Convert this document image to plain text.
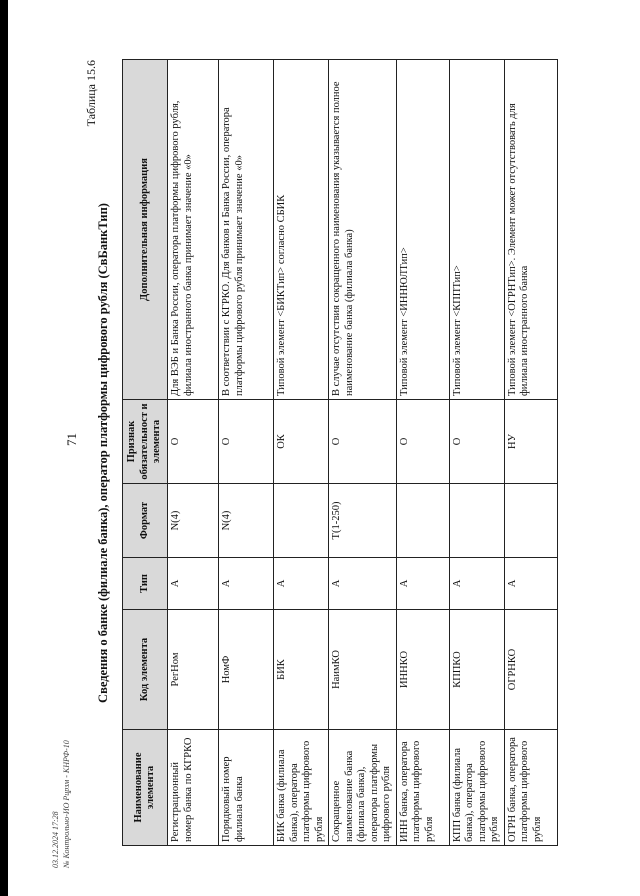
71
03.12.2024 17:28 № Контрольно-ИО Рцрзм - КНРФ-10
Таблица 15.6
Сведения о банке (филиале банка), оператор платформы цифрового рубля (СвБанкТип)
Наименование элемента	Код элемента	Тип	Формат	Признак обязательност и элемента	Дополнительная информация
Регистрационный номер банка по КГРКО	РегНом	А	N(4)	О	Для ВЭБ и Банка России, оператора платформы цифрового рубля, филиала иностранного банка принимает значение «0»
Порядковый номер филиала банка	НомФ	А	N(4)	О	В соответствии с КГРКО. Для банков и Банка России, оператора платформы цифрового рубля принимает значение «0»
БИК банка (филиала банка), оператора платформы цифрового рубля	БИК	А		ОК	Типовой элемент <БИКТип> согласно СБИК
Сокращенное наименование банка (филиала банка), оператора платформы цифрового рубля	НаимКО	А	T(1-250)	О	В случае отсутствия сокращенного наименования указывается полное наименование банка (филиала банка)
ИНН банка, оператора платформы цифрового рубля	ИННКО	А		О	Типовой элемент <ИННЮЛТип>
КПП банка (филиала банка), оператора платформы цифрового рубля	КППКО	А		О	Типовой элемент <КППТип>
ОГРН банка, оператора платформы цифрового рубля	ОГРНКО	А		НУ	Типовой элемент <ОГРНТип>. Элемент может отсутствовать для филиала иностранного банка
